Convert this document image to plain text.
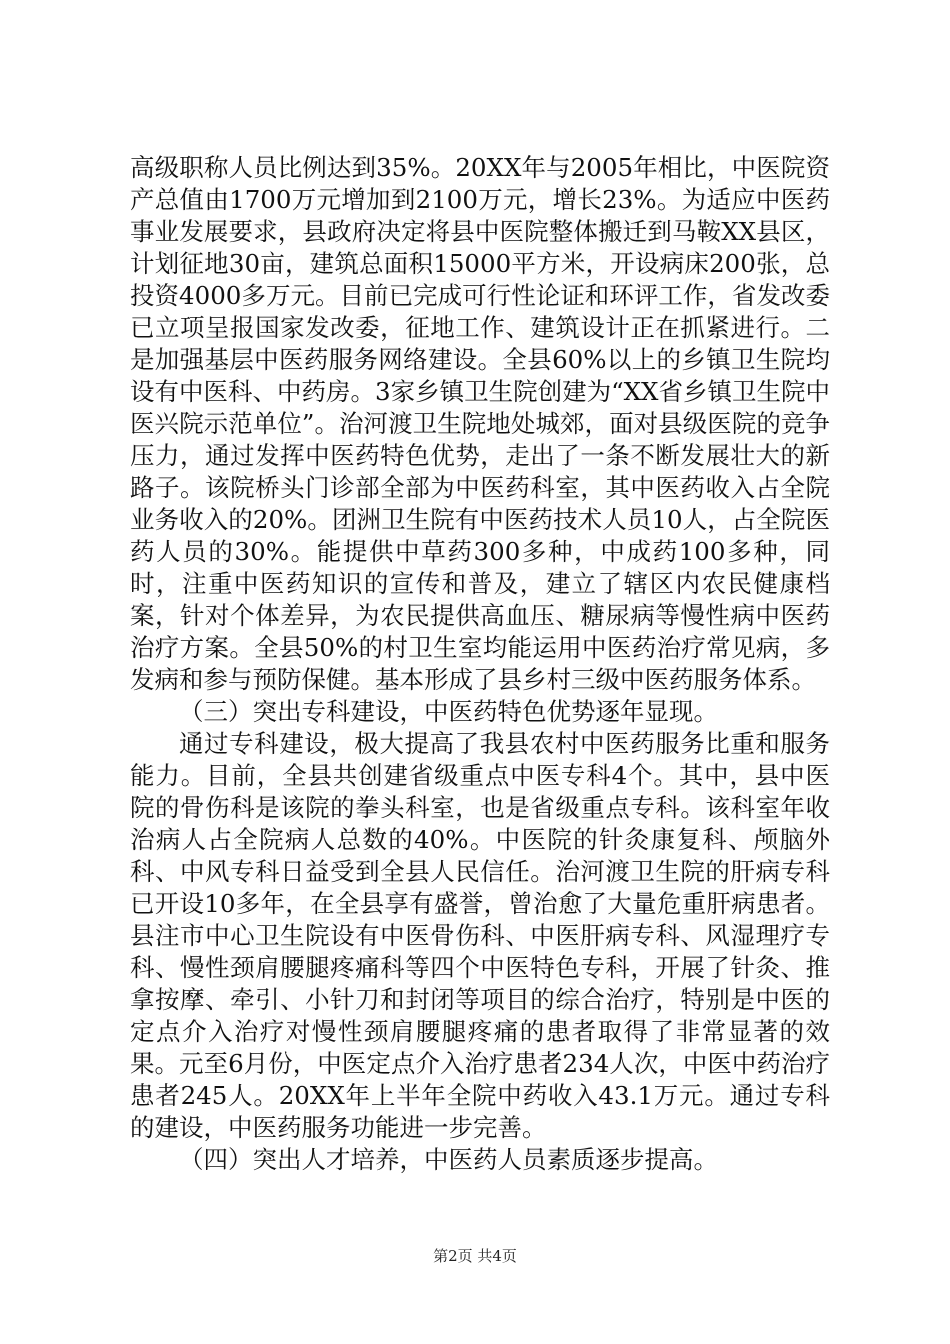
高级职称人员比例达到35%。20XX年与2005年相比，中医院资产总值由1700万元增加到2100万元，增长23%。为适应中医药事业发展要求，县政府决定将县中医院整体搬迁到马鞍XX县区，计划征地30亩，建筑总面积15000平方米，开设病床200张，总投资4000多万元。目前已完成可行性论证和环评工作，省发改委已立项呈报国家发改委，征地工作、建筑设计正在抓紧进行。二是加强基层中医药服务网络建设。全县60%以上的乡镇卫生院均设有中医科、中药房。3家乡镇卫生院创建为“XX省乡镇卫生院中医兴院示范单位”。治河渡卫生院地处城郊，面对县级医院的竞争压力，通过发挥中医药特色优势，走出了一条不断发展壮大的新路子。该院桥头门诊部全部为中医药科室，其中医药收入占全院业务收入的20%。团洲卫生院有中医药技术人员10人，占全院医药人员的30%。能提供中草药300多种，中成药100多种，同时，注重中医药知识的宣传和普及，建立了辖区内农民健康档案，针对个体差异，为农民提供高血压、糖尿病等慢性病中医药治疗方案。全县50%的村卫生室均能运用中医药治疗常见病，多发病和参与预防保健。基本形成了县乡村三级中医药服务体系。

（三）突出专科建设，中医药特色优势逐年显现。

通过专科建设，极大提高了我县农村中医药服务比重和服务能力。目前，全县共创建省级重点中医专科4个。其中，县中医院的骨伤科是该院的拳头科室，也是省级重点专科。该科室年收治病人占全院病人总数的40%。中医院的针灸康复科、颅脑外科、中风专科日益受到全县人民信任。治河渡卫生院的肝病专科已开设10多年，在全县享有盛誉，曾治愈了大量危重肝病患者。县注市中心卫生院设有中医骨伤科、中医肝病专科、风湿理疗专科、慢性颈肩腰腿疼痛科等四个中医特色专科，开展了针灸、推拿按摩、牵引、小针刀和封闭等项目的综合治疗，特别是中医的定点介入治疗对慢性颈肩腰腿疼痛的患者取得了非常显著的效果。元至6月份，中医定点介入治疗患者234人次，中医中药治疗患者245人。20XX年上半年全院中药收入43.1万元。通过专科的建设，中医药服务功能进一步完善。

（四）突出人才培养，中医药人员素质逐步提高。

第2页 共4页
